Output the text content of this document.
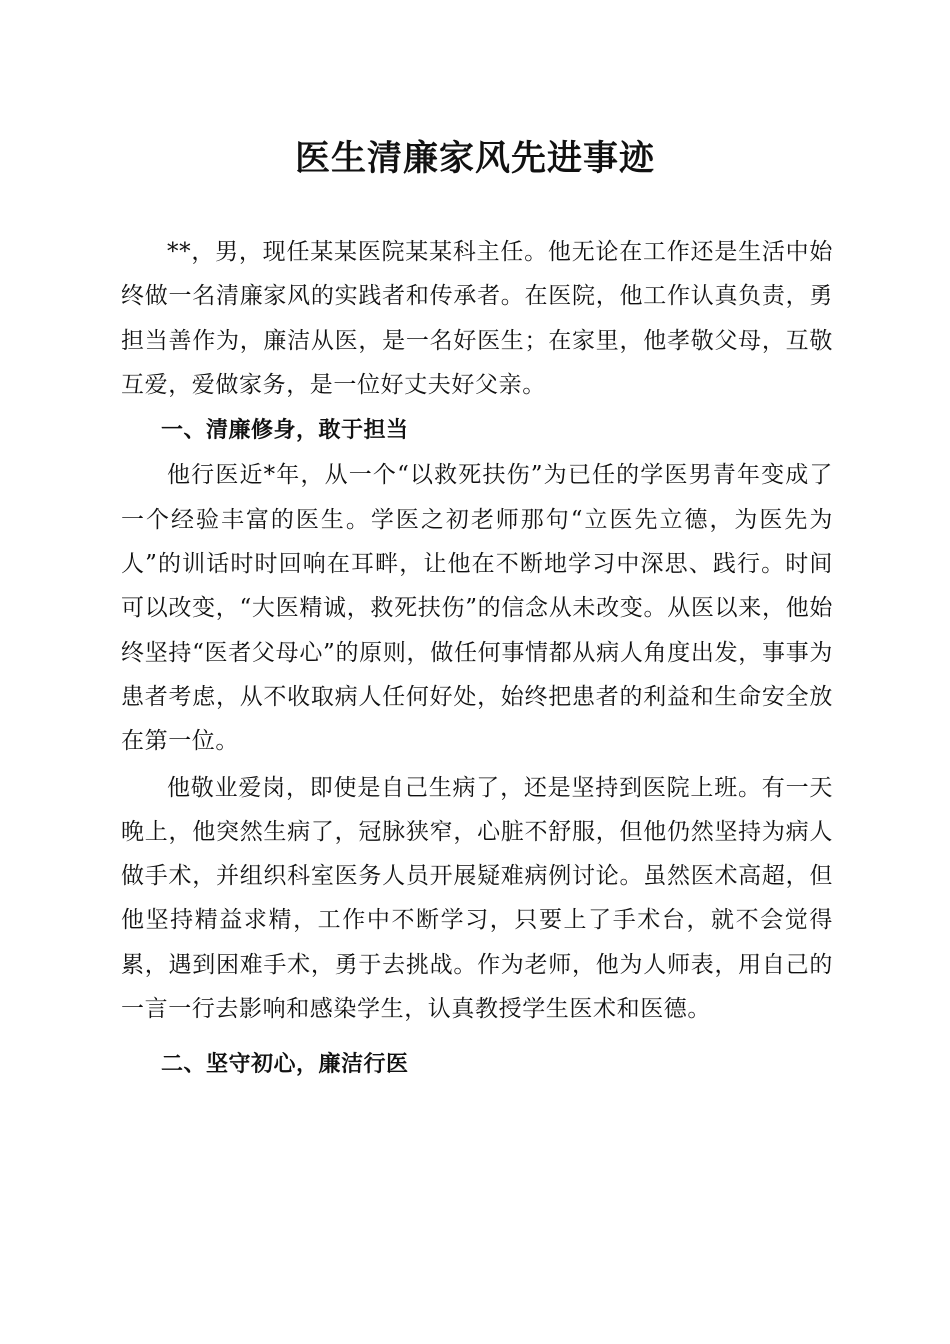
医生清廉家风先进事迹

**，男，现任某某医院某某科主任。他无论在工作还是生活中始终做一名清廉家风的实践者和传承者。在医院，他工作认真负责，勇担当善作为，廉洁从医，是一名好医生；在家里，他孝敬父母，互敬互爱，爱做家务，是一位好丈夫好父亲。

一、清廉修身，敢于担当

他行医近*年，从一个“以救死扶伤”为已任的学医男青年变成了一个经验丰富的医生。学医之初老师那句“立医先立德，为医先为人”的训话时时回响在耳畔，让他在不断地学习中深思、践行。时间可以改变，“大医精诚，救死扶伤”的信念从未改变。从医以来，他始终坚持“医者父母心”的原则，做任何事情都从病人角度出发，事事为患者考虑，从不收取病人任何好处，始终把患者的利益和生命安全放在第一位。

他敬业爱岗，即使是自己生病了，还是坚持到医院上班。有一天晚上，他突然生病了，冠脉狭窄，心脏不舒服，但他仍然坚持为病人做手术，并组织科室医务人员开展疑难病例讨论。虽然医术高超，但他坚持精益求精，工作中不断学习，只要上了手术台，就不会觉得累，遇到困难手术，勇于去挑战。作为老师，他为人师表，用自己的一言一行去影响和感染学生，认真教授学生医术和医德。

二、坚守初心，廉洁行医
